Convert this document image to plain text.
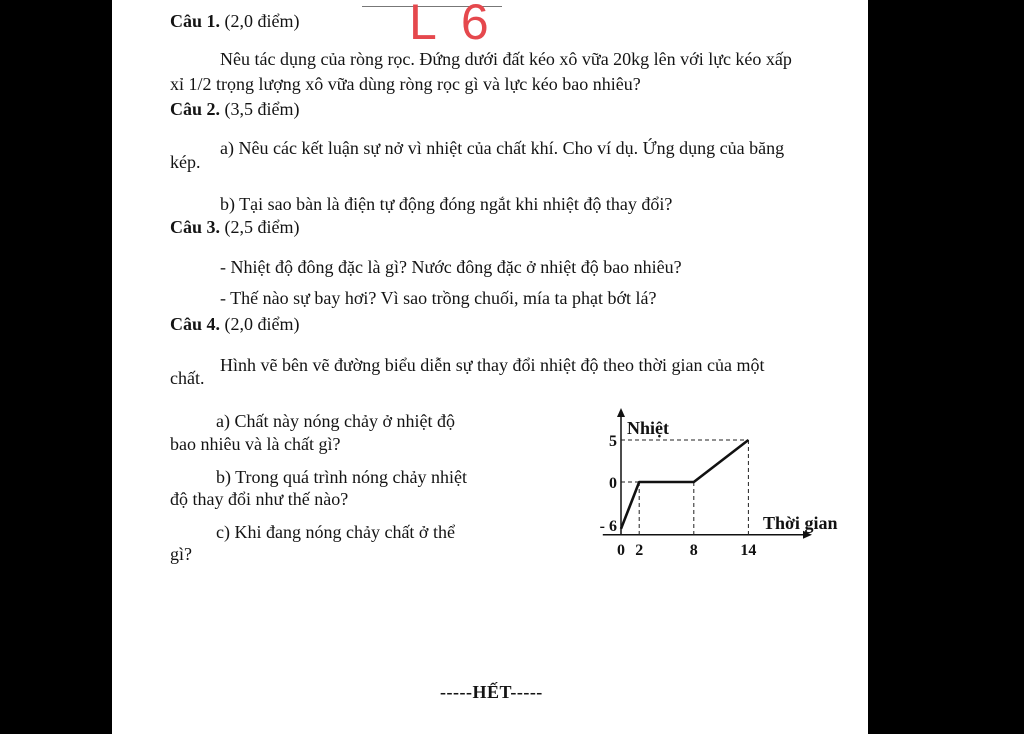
L 6
Câu 1. (2,0 điểm)
Nêu tác dụng của ròng rọc. Đứng dưới đất kéo xô vữa 20kg lên với lực kéo xấp
xỉ 1/2 trọng lượng xô vữa dùng ròng rọc gì và lực kéo bao nhiêu?
Câu 2. (3,5 điểm)
a) Nêu các kết luận sự nở vì nhiệt của chất khí. Cho ví dụ. Ứng dụng của băng
kép.
b) Tại sao bàn là điện tự động đóng ngắt khi nhiệt độ thay đổi?
Câu 3. (2,5 điểm)
- Nhiệt độ đông đặc là gì? Nước đông đặc ở nhiệt độ bao nhiêu?
- Thế nào sự bay hơi? Vì sao trồng chuối, mía ta phạt bớt lá?
Câu 4. (2,0 điểm)
Hình vẽ bên vẽ đường biểu diễn sự thay đổi nhiệt độ theo thời gian của một
chất.
a) Chất này nóng chảy ở nhiệt độ
bao nhiêu và là chất gì?
b) Trong quá trình nóng chảy nhiệt
độ thay đổi như thế nào?
c) Khi đang nóng chảy chất ở thể
gì?	0 2	8	14
- 6
0
5
Nhiệt
Thời gian
-----HẾT-----
